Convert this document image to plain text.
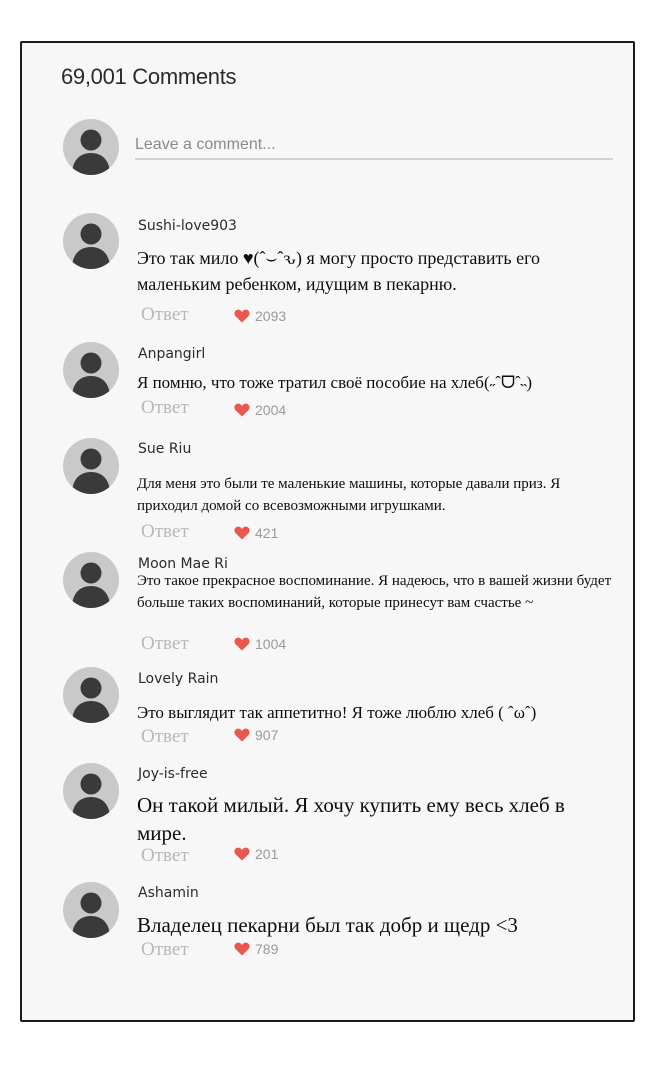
69,001 Comments
Leave a comment...
Sushi-love903
Это так мило ♥(ˆ⌣ˆԅ) я могу просто представить его маленьким ребенком, идущим в пекарню.
Ответ	2093
Anpangirl
Я помню, что тоже тратил своё пособие на хлеб(˶ˆᗜˆ˵)
Ответ	2004
Sue Riu
Для меня это были те маленькие машины, которые давали приз. Я приходил домой со всевозможными игрушками.
Ответ	421
Moon Mae Ri
Это такое прекрасное воспоминание. Я надеюсь, что в вашей жизни будет больше таких воспоминаний, которые принесут вам счастье ~
Ответ	1004
Lovely Rain
Это выглядит так аппетитно! Я тоже люблю хлеб ( ˆωˆ)
Ответ	907
Joy-is-free
Он такой милый. Я хочу купить ему весь хлеб в мире.
Ответ	201
Ashamin
Владелец пекарни был так добр и щедр <3
Ответ	789
